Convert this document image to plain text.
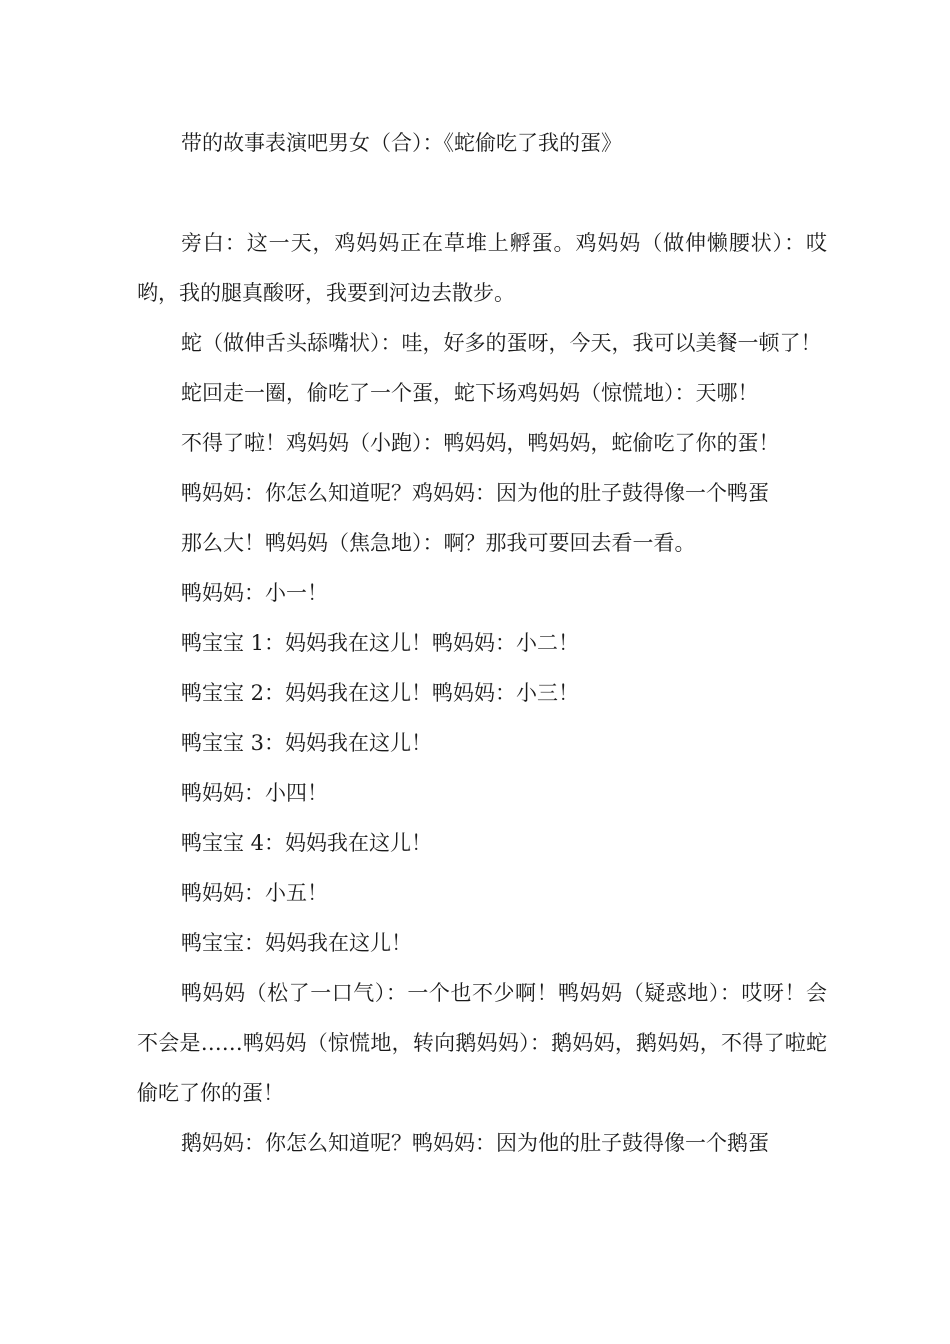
带的故事表演吧男女（合）：《蛇偷吃了我的蛋》

旁白：这一天，鸡妈妈正在草堆上孵蛋。鸡妈妈（做伸懒腰状）：哎哟，我的腿真酸呀，我要到河边去散步。

蛇（做伸舌头舔嘴状）：哇，好多的蛋呀，今天，我可以美餐一顿了！

蛇回走一圈，偷吃了一个蛋，蛇下场鸡妈妈（惊慌地）：天哪！

不得了啦！鸡妈妈（小跑）：鸭妈妈，鸭妈妈，蛇偷吃了你的蛋！

鸭妈妈：你怎么知道呢？鸡妈妈：因为他的肚子鼓得像一个鸭蛋

那么大！鸭妈妈（焦急地）：啊？那我可要回去看一看。

鸭妈妈：小一！

鸭宝宝 1：妈妈我在这儿！鸭妈妈：小二！

鸭宝宝 2：妈妈我在这儿！鸭妈妈：小三！

鸭宝宝 3：妈妈我在这儿！

鸭妈妈：小四！

鸭宝宝 4：妈妈我在这儿！

鸭妈妈：小五！

鸭宝宝：妈妈我在这儿！

鸭妈妈（松了一口气）：一个也不少啊！鸭妈妈（疑惑地）：哎呀！会不会是……鸭妈妈（惊慌地，转向鹅妈妈）：鹅妈妈，鹅妈妈，不得了啦蛇偷吃了你的蛋！

鹅妈妈：你怎么知道呢？鸭妈妈：因为他的肚子鼓得像一个鹅蛋
